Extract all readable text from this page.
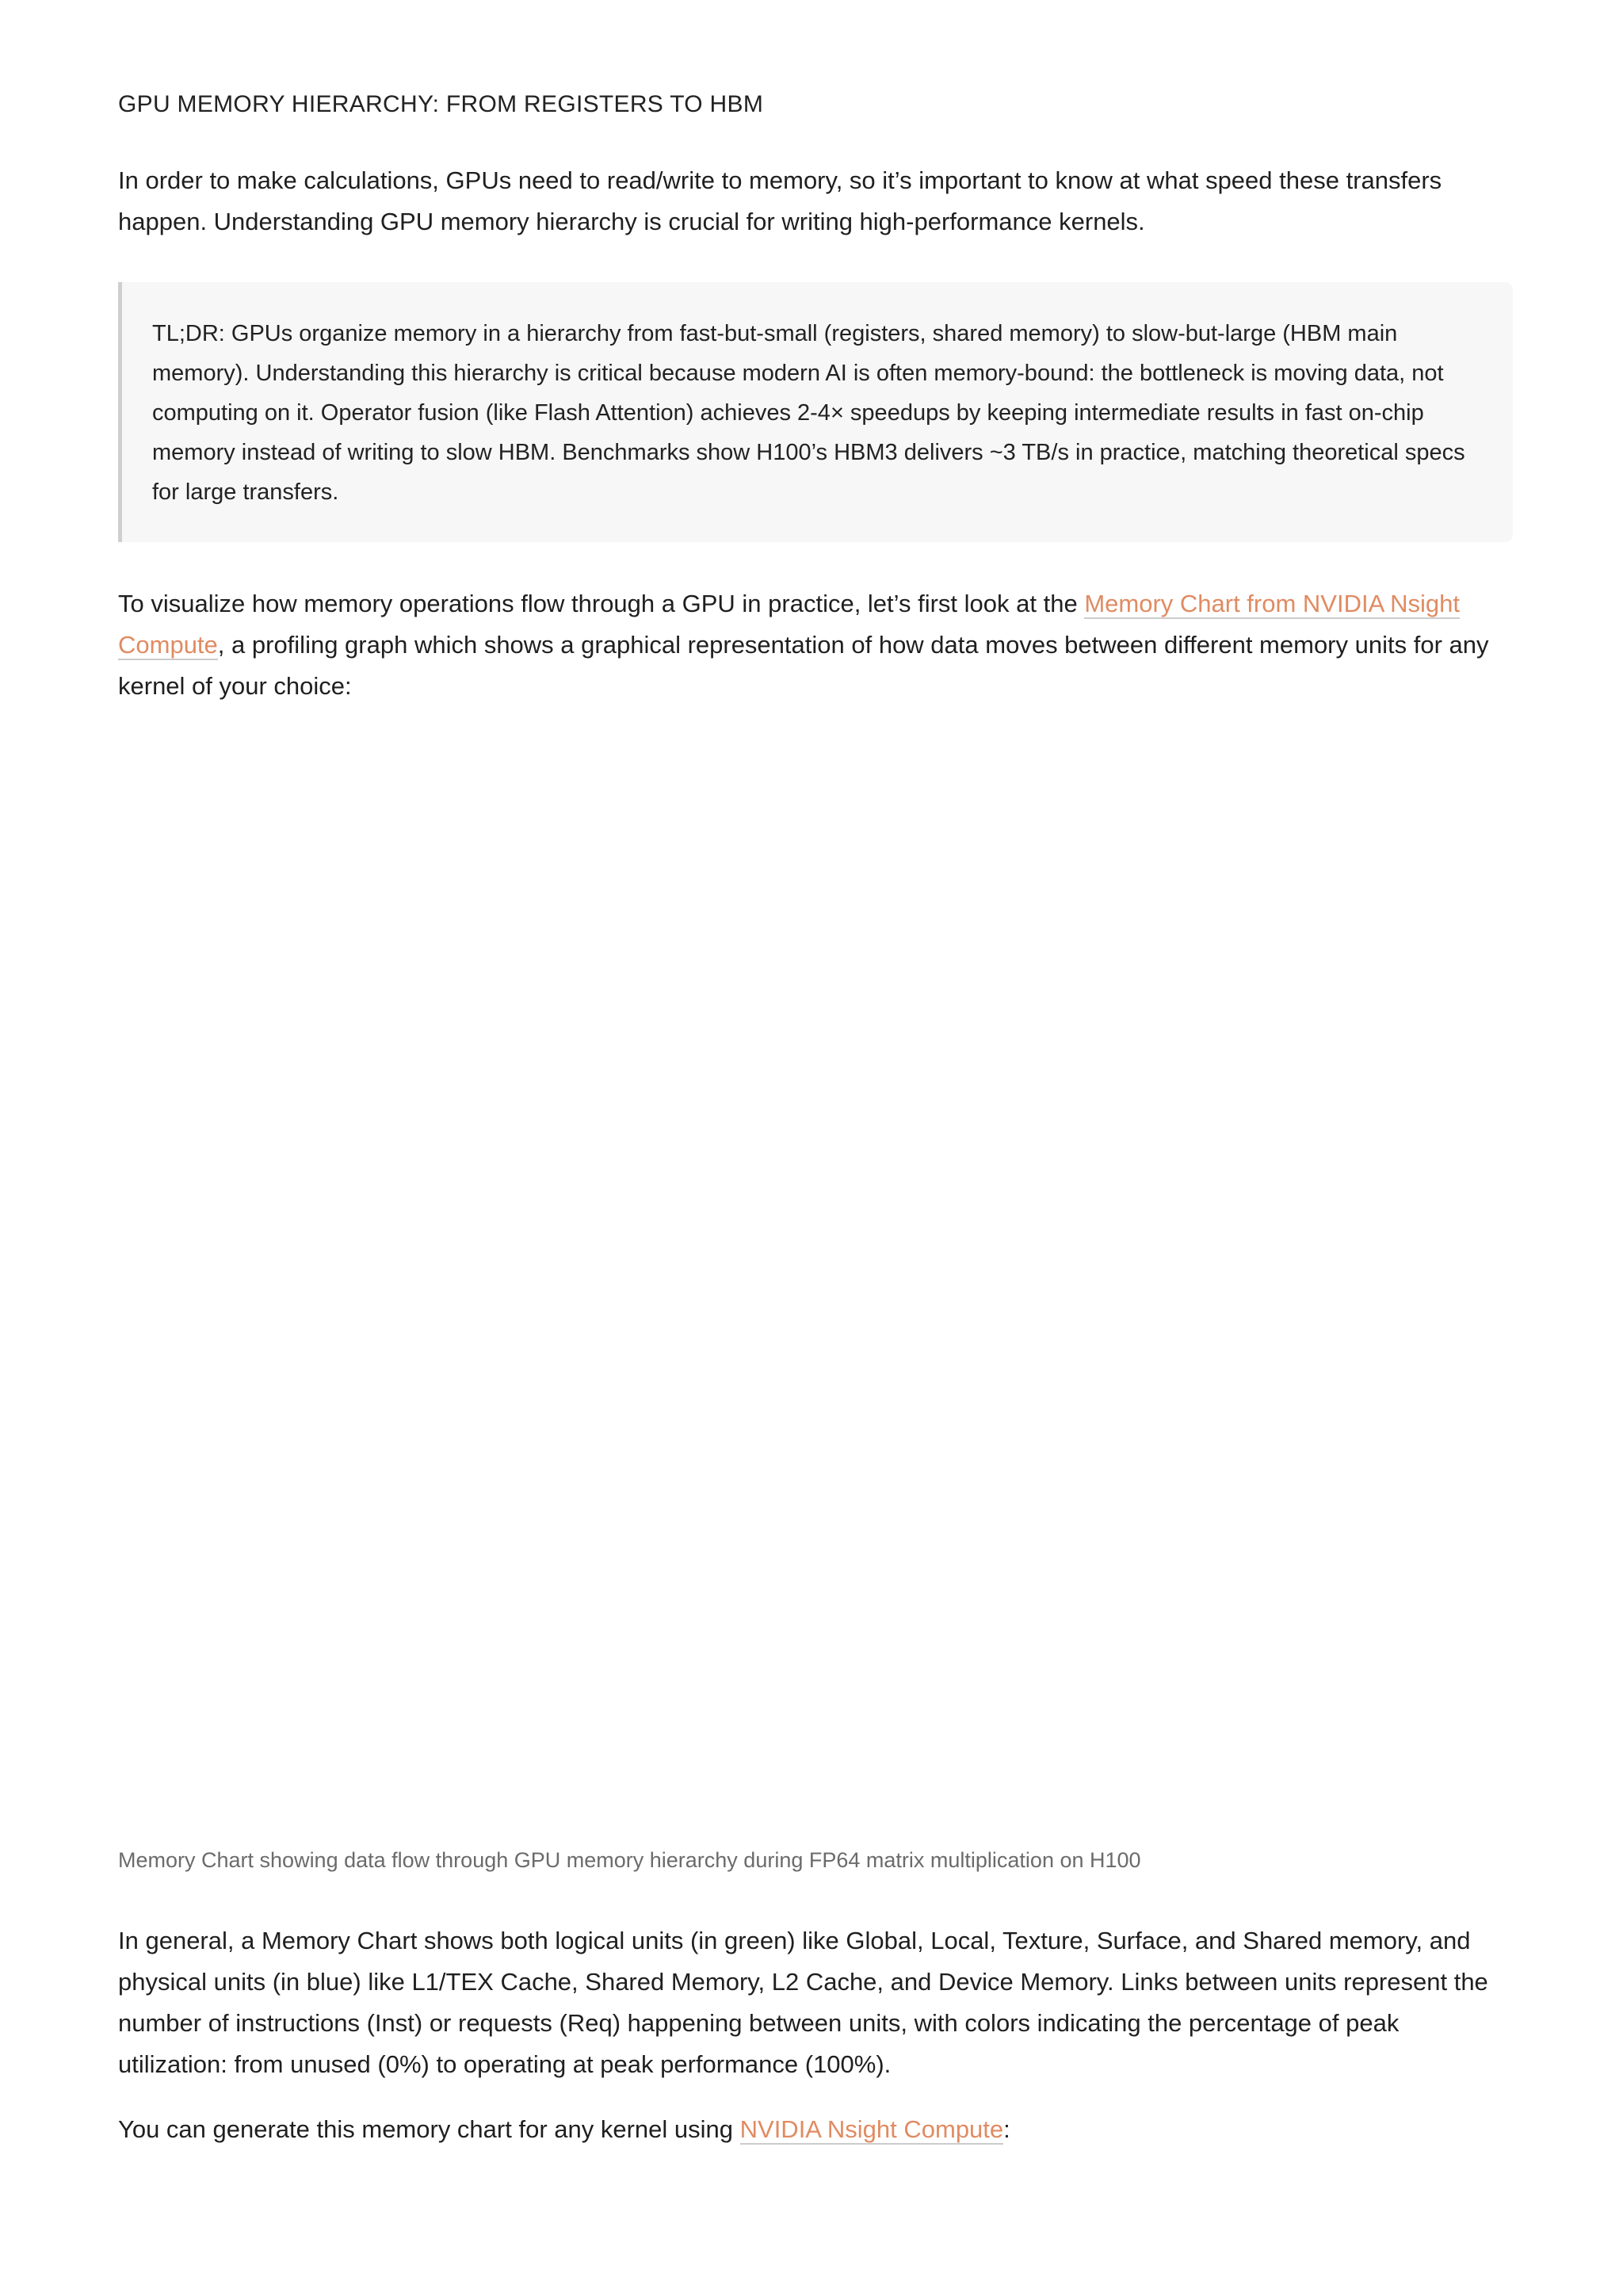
GPU MEMORY HIERARCHY: FROM REGISTERS TO HBM

In order to make calculations, GPUs need to read/write to memory, so it’s important to know at what speed these transfers happen. Understanding GPU memory hierarchy is crucial for writing high-performance kernels.

TL;DR: GPUs organize memory in a hierarchy from fast-but-small (registers, shared memory) to slow-but-large (HBM main memory). Understanding this hierarchy is critical because modern AI is often memory-bound: the bottleneck is moving data, not computing on it. Operator fusion (like Flash Attention) achieves 2-4× speedups by keeping intermediate results in fast on-chip memory instead of writing to slow HBM. Benchmarks show H100’s HBM3 delivers ~3 TB/s in practice, matching theoretical specs for large transfers.

To visualize how memory operations flow through a GPU in practice, let’s first look at the Memory Chart from NVIDIA Nsight Compute, a profiling graph which shows a graphical representation of how data moves between different memory units for any kernel of your choice:

Memory Chart showing data flow through GPU memory hierarchy during FP64 matrix multiplication on H100

In general, a Memory Chart shows both logical units (in green) like Global, Local, Texture, Surface, and Shared memory, and physical units (in blue) like L1/TEX Cache, Shared Memory, L2 Cache, and Device Memory. Links between units represent the number of instructions (Inst) or requests (Req) happening between units, with colors indicating the percentage of peak utilization: from unused (0%) to operating at peak performance (100%).

You can generate this memory chart for any kernel using NVIDIA Nsight Compute:
